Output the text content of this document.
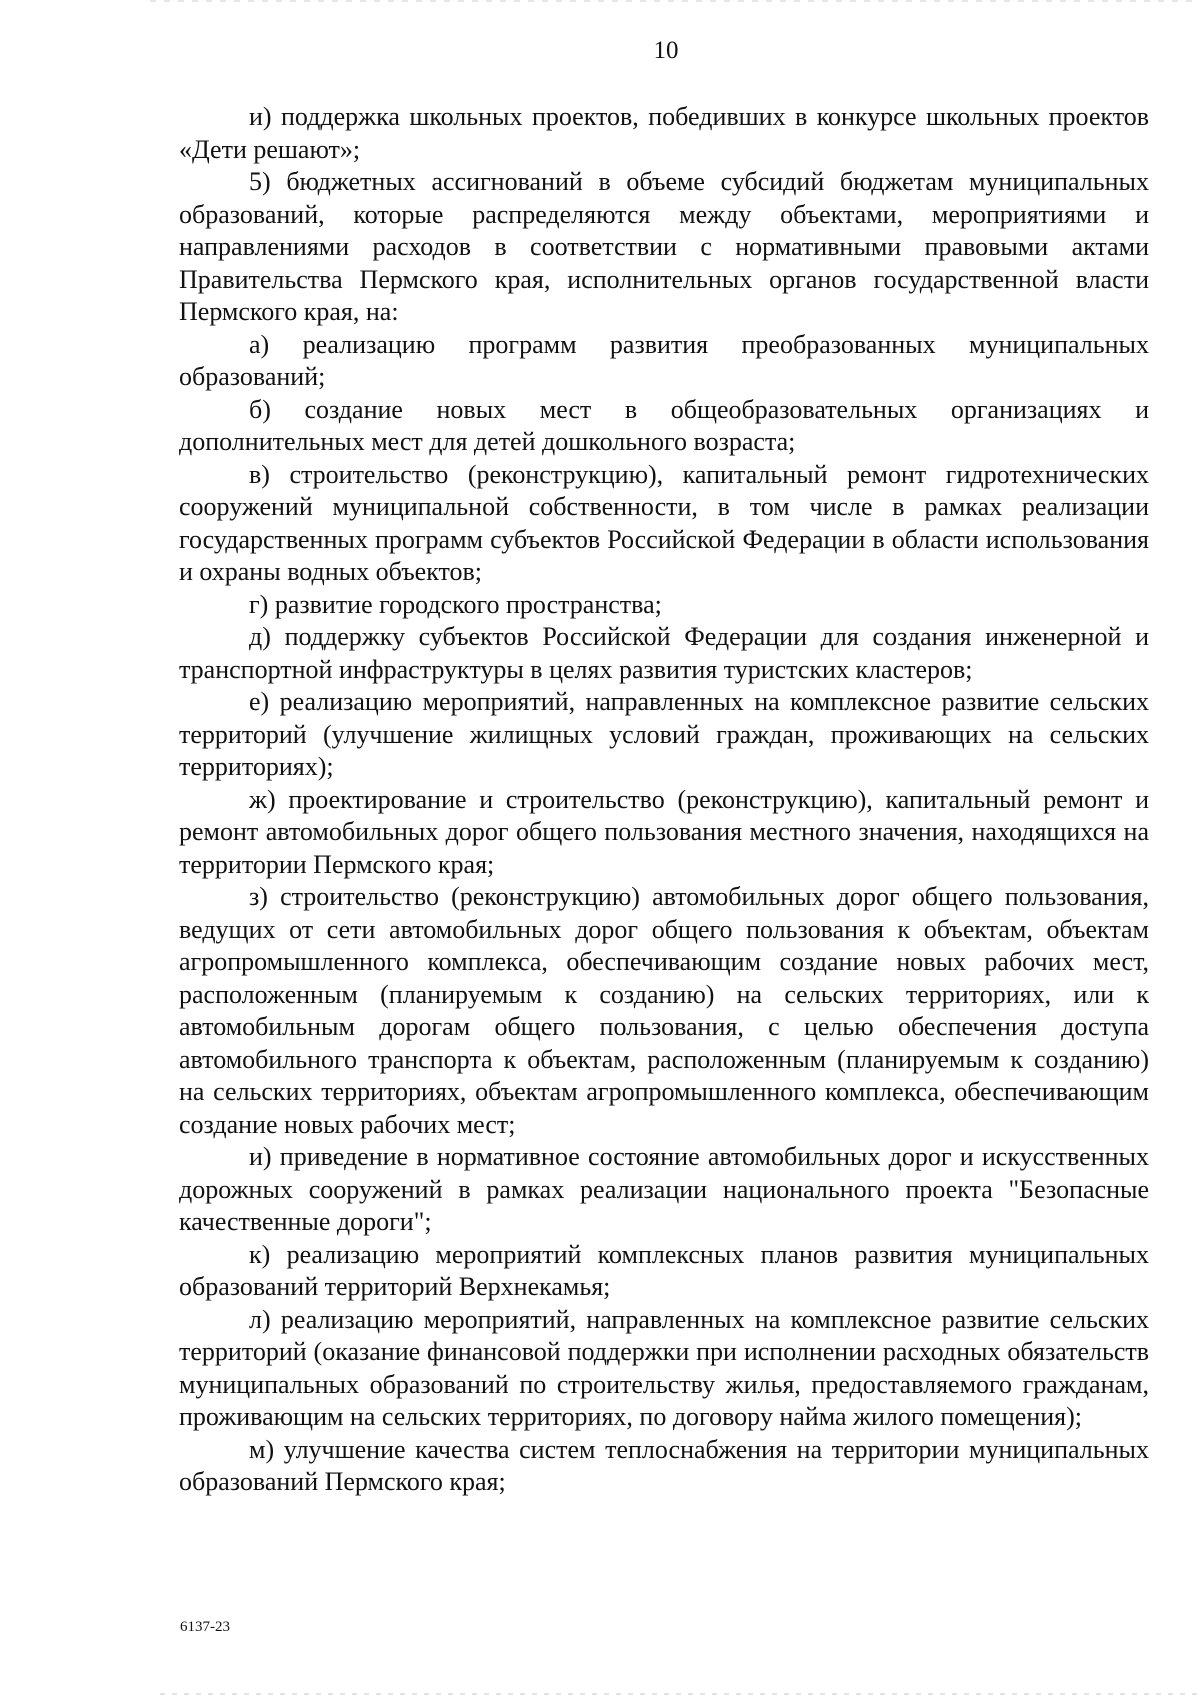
10

и) поддержка школьных проектов, победивших в конкурсе школьных проектов «Дети решают»;

5) бюджетных ассигнований в объеме субсидий бюджетам муниципальных образований, которые распределяются между объектами, мероприятиями и направлениями расходов в соответствии с нормативными правовыми актами Правительства Пермского края, исполнительных органов государственной власти Пермского края, на:

а) реализацию программ развития преобразованных муниципальных образований;

б) создание новых мест в общеобразовательных организациях и дополнительных мест для детей дошкольного возраста;

в) строительство (реконструкцию), капитальный ремонт гидротехнических сооружений муниципальной собственности, в том числе в рамках реализации государственных программ субъектов Российской Федерации в области использования и охраны водных объектов;

г) развитие городского пространства;

д) поддержку субъектов Российской Федерации для создания инженерной и транспортной инфраструктуры в целях развития туристских кластеров;

е) реализацию мероприятий, направленных на комплексное развитие сельских территорий (улучшение жилищных условий граждан, проживающих на сельских территориях);

ж) проектирование и строительство (реконструкцию), капитальный ремонт и ремонт автомобильных дорог общего пользования местного значения, находящихся на территории Пермского края;

з) строительство (реконструкцию) автомобильных дорог общего пользования, ведущих от сети автомобильных дорог общего пользования к объектам, объектам агропромышленного комплекса, обеспечивающим создание новых рабочих мест, расположенным (планируемым к созданию) на сельских территориях, или к автомобильным дорогам общего пользования, с целью обеспечения доступа автомобильного транспорта к объектам, расположенным (планируемым к созданию) на сельских территориях, объектам агропромышленного комплекса, обеспечивающим создание новых рабочих мест;

и) приведение в нормативное состояние автомобильных дорог и искусственных дорожных сооружений в рамках реализации национального проекта "Безопасные качественные дороги";

к) реализацию мероприятий комплексных планов развития муниципальных образований территорий Верхнекамья;

л) реализацию мероприятий, направленных на комплексное развитие сельских территорий (оказание финансовой поддержки при исполнении расходных обязательств муниципальных образований по строительству жилья, предоставляемого гражданам, проживающим на сельских территориях, по договору найма жилого помещения);

м) улучшение качества систем теплоснабжения на территории муниципальных образований Пермского края;

6137-23
